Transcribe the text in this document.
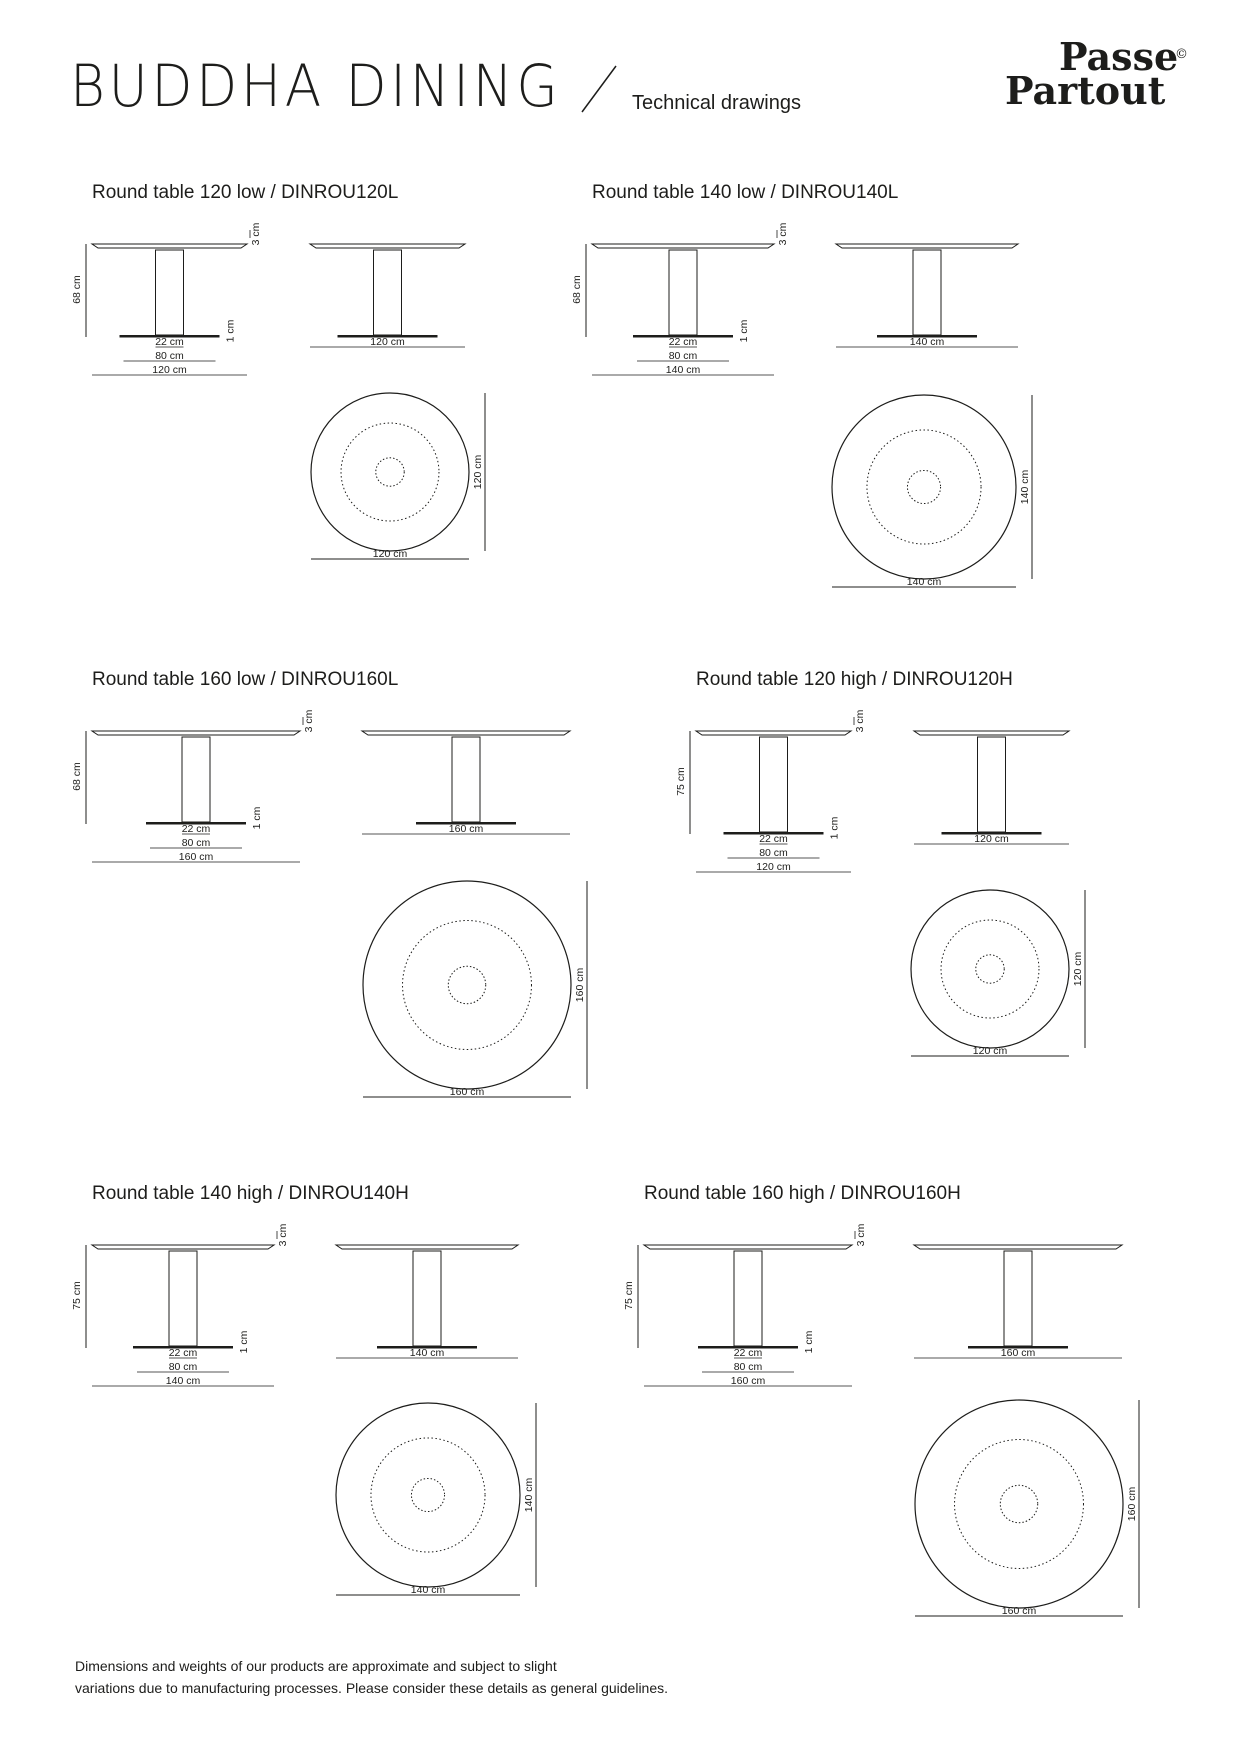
BUDDHA DINING	Technical drawings
Passe
Partout
©
Round table 120 low / DINROU120L
68 cm
3 cm
1 cm
22 cm
80 cm
120 cm
120 cm
120 cm
120 cm
Round table 140 low / DINROU140L
68 cm
3 cm
1 cm
22 cm
80 cm
140 cm
140 cm
140 cm
140 cm
Round table 160 low / DINROU160L
68 cm
3 cm
1 cm
22 cm
80 cm
160 cm
160 cm
160 cm
160 cm
Round table 120 high / DINROU120H
75 cm
3 cm
1 cm
22 cm
80 cm
120 cm
120 cm
120 cm
120 cm
Round table 140 high / DINROU140H
75 cm
3 cm
1 cm
22 cm
80 cm
140 cm
140 cm
140 cm
140 cm
Round table 160 high / DINROU160H
75 cm
3 cm
1 cm
22 cm
80 cm
160 cm
160 cm
160 cm
160 cm
Dimensions and weights of our products are approximate and subject to slight
variations due to manufacturing processes. Please consider these details as general guidelines.
